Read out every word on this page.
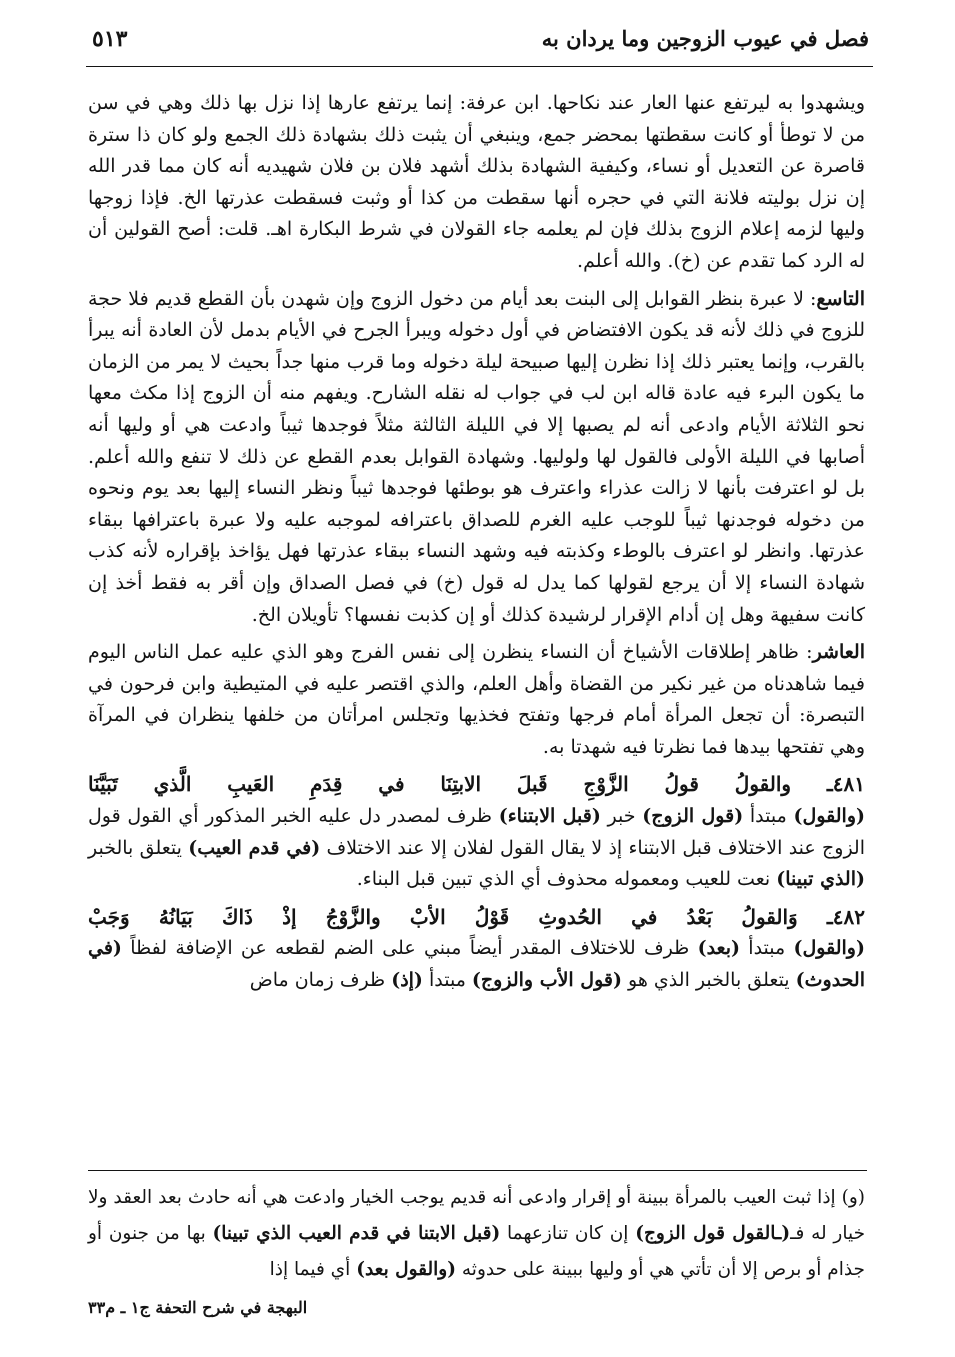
فصل في عيوب الزوجين وما يردان به
٥١٣

ويشهدوا به ليرتفع عنها العار عند نكاحها. ابن عرفة: إنما يرتفع عارها إذا نزل بها ذلك وهي في سن من لا توطأ أو كانت سقطتها بمحضر جمع، وينبغي أن يثبت ذلك بشهادة ذلك الجمع ولو كان ذا سترة قاصرة عن التعديل أو نساء، وكيفية الشهادة بذلك أشهد فلان بن فلان شهيديه أنه كان مما قدر الله إن نزل بوليته فلانة التي في حجره أنها سقطت من كذا أو وثبت فسقطت عذرتها الخ. فإذا زوجها وليها لزمه إعلام الزوج بذلك فإن لم يعلمه جاء القولان في شرط البكارة اهـ. قلت: أصح القولين أن له الرد كما تقدم عن (خ). والله أعلم.

التاسع: لا عبرة بنظر القوابل إلى البنت بعد أيام من دخول الزوج وإن شهدن بأن القطع قديم فلا حجة للزوج في ذلك لأنه قد يكون الافتضاض في أول دخوله ويبرأ الجرح في الأيام بدمل لأن العادة أنه يبرأ بالقرب، وإنما يعتبر ذلك إذا نظرن إليها صبيحة ليلة دخوله وما قرب منها جداً بحيث لا يمر من الزمان ما يكون البرء فيه عادة قاله ابن لب في جواب له نقله الشارح. ويفهم منه أن الزوج إذا مكث معها نحو الثلاثة الأيام وادعى أنه لم يصبها إلا في الليلة الثالثة مثلاً فوجدها ثيباً وادعت هي أو وليها أنه أصابها في الليلة الأولى فالقول لها ولوليها. وشهادة القوابل بعدم القطع عن ذلك لا تنفع والله أعلم. بل لو اعترفت بأنها لا زالت عذراء واعترف هو بوطئها فوجدها ثيباً ونظر النساء إليها بعد يوم ونحوه من دخوله فوجدنها ثيباً للوجب عليه الغرم للصداق باعترافه لموجبه عليه ولا عبرة باعترافها ببقاء عذرتها. وانظر لو اعترف بالوطء وكذبته فيه وشهد النساء ببقاء عذرتها فهل يؤاخذ بإقراره لأنه كذب شهادة النساء إلا أن يرجع لقولها كما يدل له قول (خ) في فصل الصداق وإن أقر به فقط أخذ إن كانت سفيهة وهل إن أدام الإقرار لرشيدة كذلك أو إن كذبت نفسها؟ تأويلان الخ.

العاشر: ظاهر إطلاقات الأشياخ أن النساء ينظرن إلى نفس الفرج وهو الذي عليه عمل الناس اليوم فيما شاهدناه من غير نكير من القضاة وأهل العلم، والذي اقتصر عليه في المتيطية وابن فرحون في التبصرة: أن تجعل المرأة أمام فرجها وتفتح فخذيها وتجلس امرأتان من خلفها ينظران في المرآة وهي تفتحها بيدها فما نظرتا فيه شهدتا به.

٤٨١ـ والقولُ قولُ الزَّوْجِ قَبلَ الابتِنَا في قِدَمِ العَيبِ الَّذي تَبَيَّنَا

(والقول) مبتدأ (قول الزوج) خبر (قبل الابتناء) ظرف لمصدر دل عليه الخبر المذكور أي القول قول الزوج عند الاختلاف قبل الابتناء إذ لا يقال القول لفلان إلا عند الاختلاف (في قدم العيب) يتعلق بالخبر (الذي تبينا) نعت للعيب ومعموله محذوف أي الذي تبين قبل البناء.

٤٨٢ـ وَالقولُ بَعْدُ في الحُدوثِ قَوْلُ الأبْ والزَّوْجُ إذْ ذَاكَ بَيَانُهُ وَجَبْ

(والقول) مبتدأ (بعد) ظرف للاختلاف المقدر أيضاً مبني على الضم لقطعه عن الإضافة لفظاً (في الحدوث) يتعلق بالخبر الذي هو (قول الأب والزوج) مبتدأ (إذ) ظرف زمان ماض

(و) إذا ثبت العيب بالمرأة ببينة أو إقرار وادعى أنه قديم يوجب الخيار وادعت هي أنه حادث بعد العقد ولا خيار له فـ(ـالقول قول الزوج) إن كان تنازعهما (قبل الابتنا في قدم العيب الذي تبينا) بها من جنون أو جذام أو برص إلا أن تأتي هي أو وليها ببينة على حدوثه (والقول بعد) أي فيما إذا

البهجة في شرح التحفة ج١ ـ م٣٣
